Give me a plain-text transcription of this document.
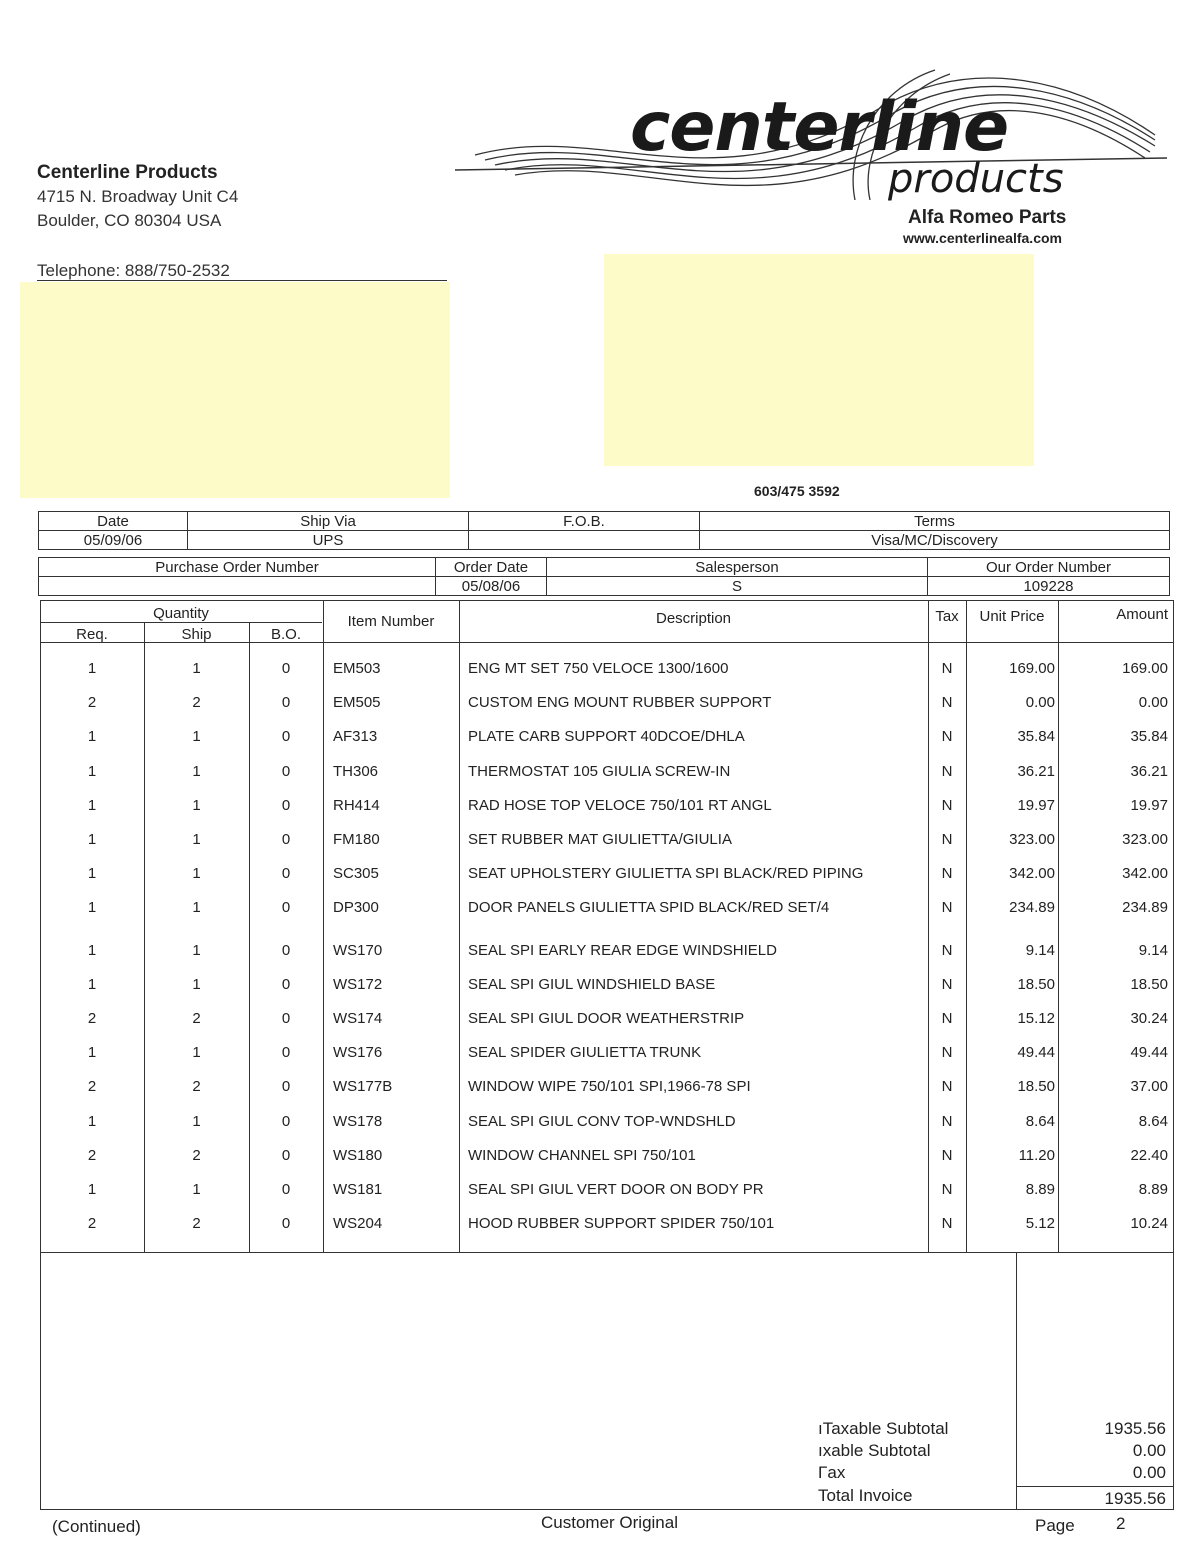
Centerline Products
4715 N. Broadway Unit C4
Boulder, CO 80304 USA
Telephone: 888/750-2532
centerline
products
Alfa Romeo Parts
www.centerlinealfa.com
603/475 3592
Date	Ship Via	F.O.B.	Terms
05/09/06	UPS		Visa/MC/Discovery
Purchase Order Number	Order Date	Salesperson	Our Order Number
	05/08/06	S	109228
Quantity
Req.	Ship	B.O.
Item Number	Description	Tax	Unit Price	Amount
1	1	0	EM503	ENG MT SET 750 VELOCE 1300/1600	N	169.00	169.00
2	2	0	EM505	CUSTOM ENG MOUNT RUBBER SUPPORT	N	0.00	0.00
1	1	0	AF313	PLATE CARB SUPPORT 40DCOE/DHLA	N	35.84	35.84
1	1	0	TH306	THERMOSTAT 105 GIULIA SCREW-IN	N	36.21	36.21
1	1	0	RH414	RAD HOSE TOP VELOCE 750/101 RT ANGL	N	19.97	19.97
1	1	0	FM180	SET RUBBER MAT GIULIETTA/GIULIA	N	323.00	323.00
1	1	0	SC305	SEAT UPHOLSTERY GIULIETTA SPI BLACK/RED PIPING	N	342.00	342.00
1	1	0	DP300	DOOR PANELS GIULIETTA SPID BLACK/RED SET/4	N	234.89	234.89
1	1	0	WS170	SEAL SPI EARLY REAR EDGE WINDSHIELD	N	9.14	9.14
1	1	0	WS172	SEAL SPI GIUL WINDSHIELD BASE	N	18.50	18.50
2	2	0	WS174	SEAL SPI GIUL DOOR WEATHERSTRIP	N	15.12	30.24
1	1	0	WS176	SEAL SPIDER GIULIETTA TRUNK	N	49.44	49.44
2	2	0	WS177B	WINDOW WIPE 750/101 SPI,1966-78 SPI	N	18.50	37.00
1	1	0	WS178	SEAL SPI GIUL CONV TOP-WNDSHLD	N	8.64	8.64
2	2	0	WS180	WINDOW CHANNEL SPI 750/101	N	11.20	22.40
1	1	0	WS181	SEAL SPI GIUL VERT DOOR ON BODY PR	N	8.89	8.89
2	2	0	WS204	HOOD RUBBER SUPPORT SPIDER 750/101	N	5.12	10.24
ıTaxable Subtotal	1935.56
ıxable Subtotal	0.00
Γax	0.00
Total Invoice	1935.56
(Continued)	Customer Original	Page 2
